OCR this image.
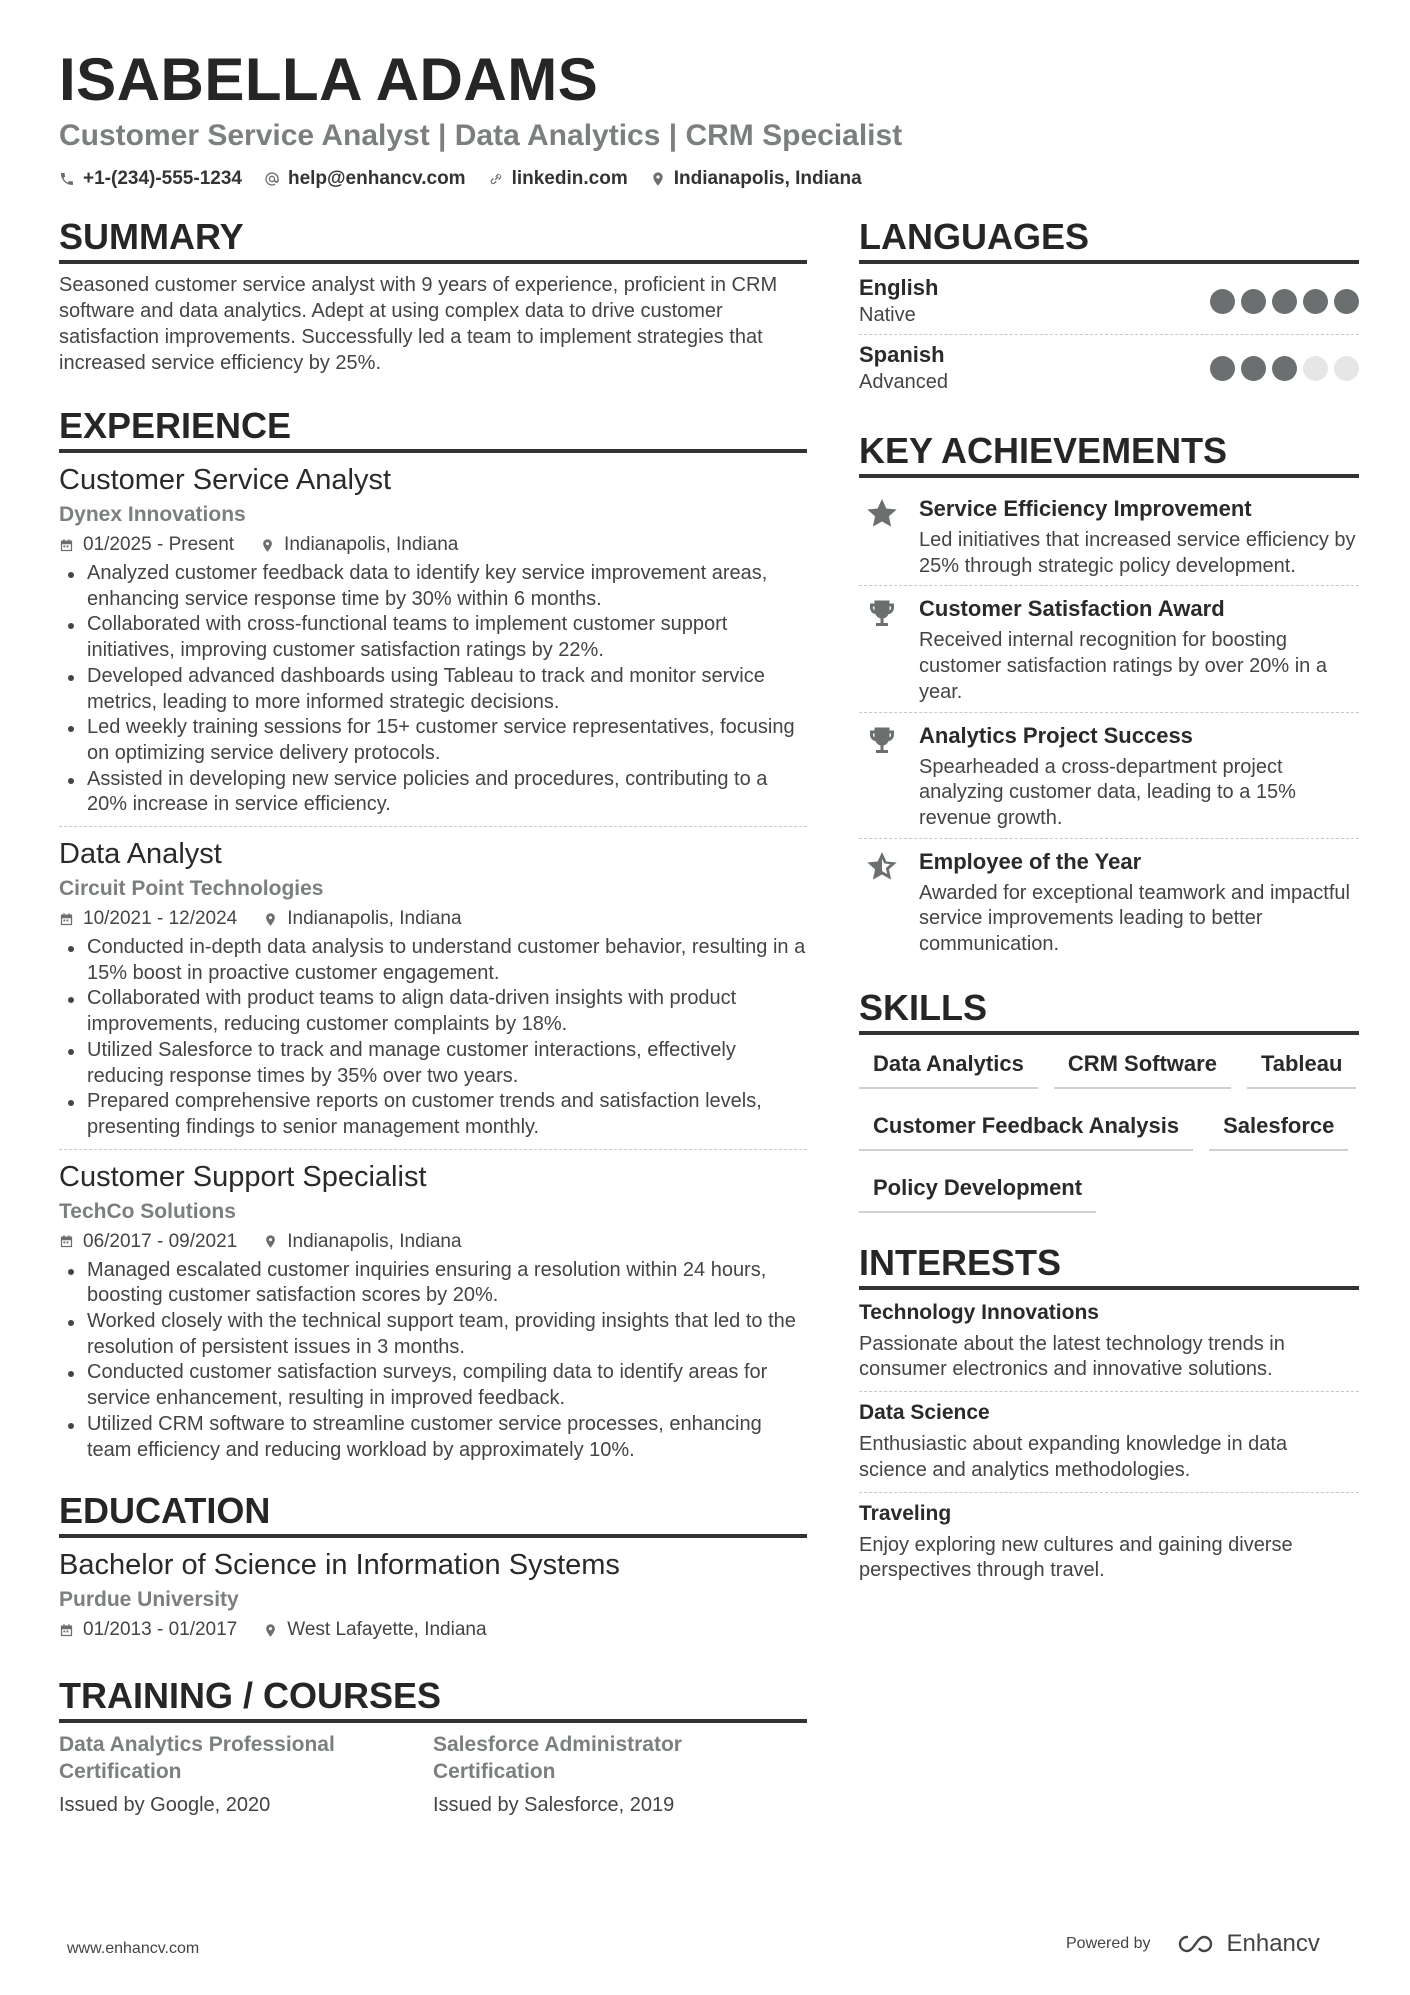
ISABELLA ADAMS
Customer Service Analyst | Data Analytics | CRM Specialist
+1-(234)-555-1234 help@enhancv.com linkedin.com Indianapolis, Indiana
SUMMARY

Seasoned customer service analyst with 9 years of experience, proficient in CRM software and data analytics. Adept at using complex data to drive customer satisfaction improvements. Successfully led a team to implement strategies that increased service efficiency by 25%.

EXPERIENCE
Customer Service Analyst
Dynex Innovations
01/2025 - Present	Indianapolis, Indiana
Analyzed customer feedback data to identify key service improvement areas, enhancing service response time by 30% within 6 months.
Collaborated with cross-functional teams to implement customer support initiatives, improving customer satisfaction ratings by 22%.
Developed advanced dashboards using Tableau to track and monitor service metrics, leading to more informed strategic decisions.
Led weekly training sessions for 15+ customer service representatives, focusing on optimizing service delivery protocols.
Assisted in developing new service policies and procedures, contributing to a 20% increase in service efficiency.
Data Analyst
Circuit Point Technologies
10/2021 - 12/2024	Indianapolis, Indiana
Conducted in-depth data analysis to understand customer behavior, resulting in a 15% boost in proactive customer engagement.
Collaborated with product teams to align data-driven insights with product improvements, reducing customer complaints by 18%.
Utilized Salesforce to track and manage customer interactions, effectively reducing response times by 35% over two years.
Prepared comprehensive reports on customer trends and satisfaction levels, presenting findings to senior management monthly.
Customer Support Specialist
TechCo Solutions
06/2017 - 09/2021	Indianapolis, Indiana
Managed escalated customer inquiries ensuring a resolution within 24 hours, boosting customer satisfaction scores by 20%.
Worked closely with the technical support team, providing insights that led to the resolution of persistent issues in 3 months.
Conducted customer satisfaction surveys, compiling data to identify areas for service enhancement, resulting in improved feedback.
Utilized CRM software to streamline customer service processes, enhancing team efficiency and reducing workload by approximately 10%.
EDUCATION
Bachelor of Science in Information Systems
Purdue University
01/2013 - 01/2017	West Lafayette, Indiana
TRAINING / COURSES
Data Analytics Professional Certification
Issued by Google, 2020
Salesforce Administrator Certification
Issued by Salesforce, 2019
LANGUAGES
English
Native
Spanish
Advanced
KEY ACHIEVEMENTS
Service Efficiency Improvement
Led initiatives that increased service efficiency by 25% through strategic policy development.
Customer Satisfaction Award
Received internal recognition for boosting customer satisfaction ratings by over 20% in a year.
Analytics Project Success
Spearheaded a cross-department project analyzing customer data, leading to a 15% revenue growth.
Employee of the Year
Awarded for exceptional teamwork and impactful service improvements leading to better communication.
SKILLS
Data Analytics	CRM Software	Tableau
Customer Feedback Analysis	Salesforce
Policy Development
INTERESTS
Technology Innovations
Passionate about the latest technology trends in consumer electronics and innovative solutions.
Data Science
Enthusiastic about expanding knowledge in data science and analytics methodologies.
Traveling
Enjoy exploring new cultures and gaining diverse perspectives through travel.
www.enhancv.com	Powered by	Enhancv
